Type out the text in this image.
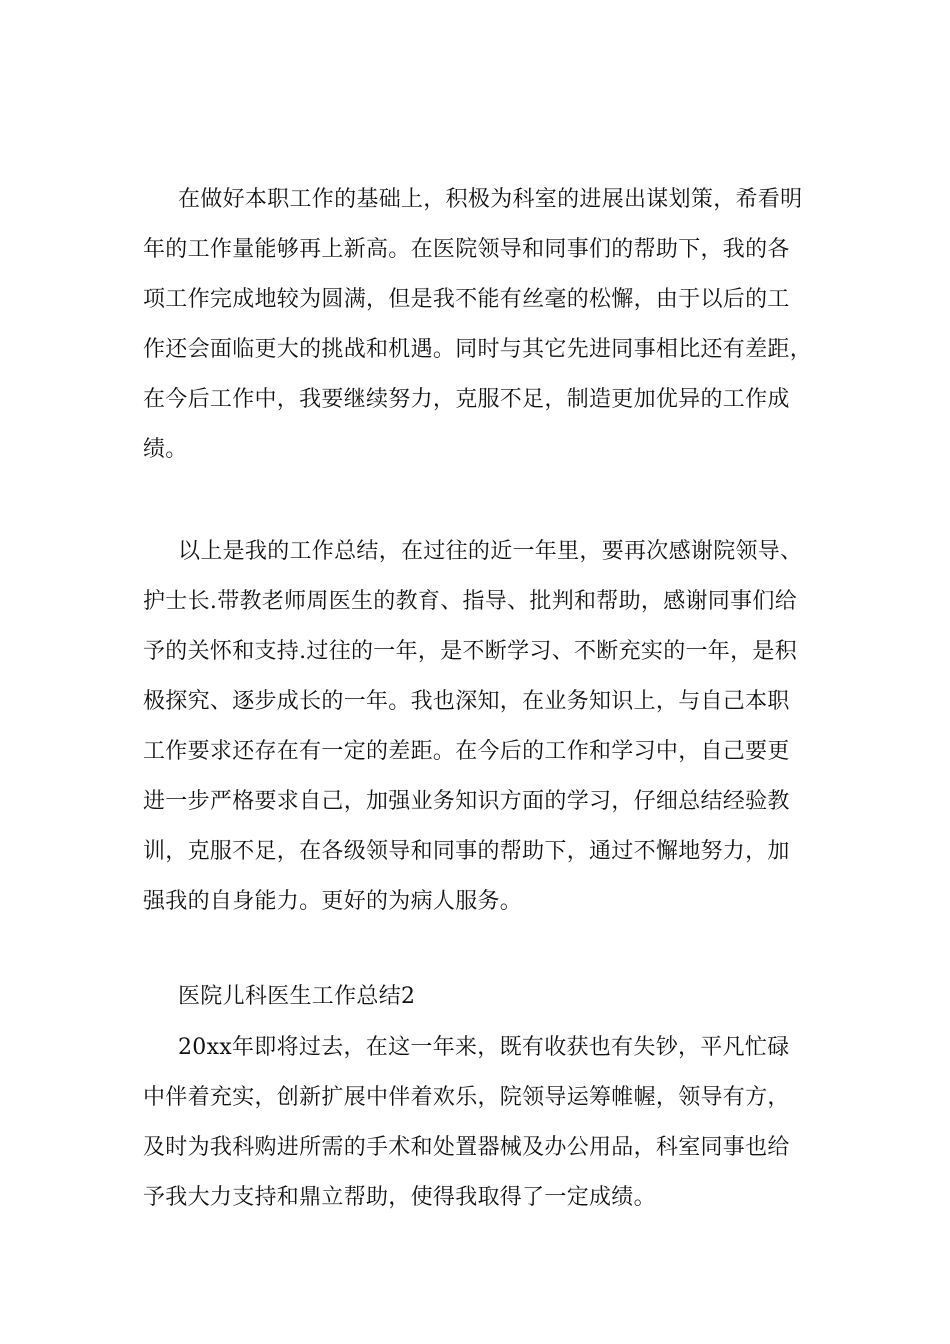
在做好本职工作的基础上，积极为科室的进展出谋划策，希看明
年的工作量能够再上新高。在医院领导和同事们的帮助下，我的各
项工作完成地较为圆满，但是我不能有丝毫的松懈，由于以后的工
作还会面临更大的挑战和机遇。同时与其它先进同事相比还有差距，
在今后工作中，我要继续努力，克服不足，制造更加优异的工作成
绩。
以上是我的工作总结，在过往的近一年里，要再次感谢院领导、
护士长.带教老师周医生的教育、指导、批判和帮助，感谢同事们给
予的关怀和支持.过往的一年，是不断学习、不断充实的一年，是积
极探究、逐步成长的一年。我也深知，在业务知识上，与自己本职
工作要求还存在有一定的差距。在今后的工作和学习中，自己要更
进一步严格要求自己，加强业务知识方面的学习，仔细总结经验教
训，克服不足，在各级领导和同事的帮助下，通过不懈地努力，加
强我的自身能力。更好的为病人服务。
医院儿科医生工作总结2
20xx年即将过去，在这一年来，既有收获也有失钞，平凡忙碌
中伴着充实，创新扩展中伴着欢乐，院领导运筹帷幄，领导有方，
及时为我科购进所需的手术和处置器械及办公用品，科室同事也给
予我大力支持和鼎立帮助，使得我取得了一定成绩。
